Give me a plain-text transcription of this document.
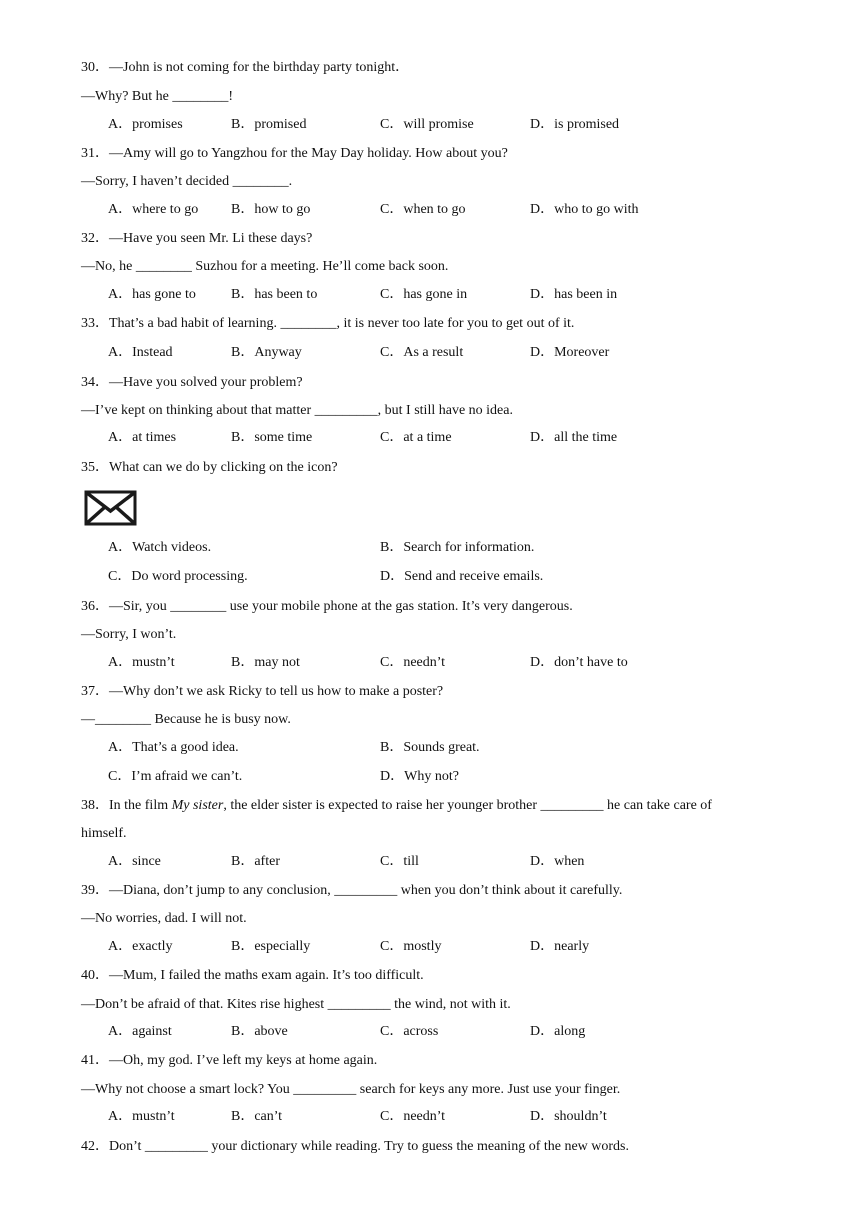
30．—John is not coming for the birthday party tonight．
—Why? But he ________!
A．promises	B．promised	C．will promise	D．is promised
31．—Amy will go to Yangzhou for the May Day holiday. How about you?
—Sorry, I haven’t decided ________.
A．where to go B．how to go	C．when to go	D．who to go with
32．—Have you seen Mr. Li these days?
—No, he ________ Suzhou for a meeting. He’ll come back soon.
A．has gone to	B．has been to	C．has gone in	D．has been in
33．That’s a bad habit of learning. ________, it is never too late for you to get out of it.
A．Instead	B．Anyway	C．As a result	D．Moreover
34．—Have you solved your problem?
—I’ve kept on thinking about that matter _________, but I still have no idea.
A．at times	B．some time	C．at a time	D．all the time
35．What can we do by clicking on the icon?
A．Watch videos.	B．Search for information.
C．Do word processing.	D．Send and receive emails.
36．—Sir, you ________ use your mobile phone at the gas station. It’s very dangerous.
—Sorry, I won’t.
A．mustn’t	B．may not	C．needn’t	D．don’t have to
37．—Why don’t we ask Ricky to tell us how to make a poster?
—________ Because he is busy now.
A．That’s a good idea.	B．Sounds great.
C．I’m afraid we can’t.	D．Why not?
38．In the film My sister, the elder sister is expected to raise her younger brother _________ he can take care of
himself.
A．since	B．after	C．till	D．when
39．—Diana, don’t jump to any conclusion, _________ when you don’t think about it carefully.
—No worries, dad. I will not.
A．exactly	B．especially	C．mostly	D．nearly
40．—Mum, I failed the maths exam again. It’s too difficult.
—Don’t be afraid of that. Kites rise highest _________ the wind, not with it.
A．against	B．above	C．across	D．along
41．—Oh, my god. I’ve left my keys at home again.
—Why not choose a smart lock? You _________ search for keys any more. Just use your finger.
A．mustn’t	B．can’t	C．needn’t	D．shouldn’t
42．Don’t _________ your dictionary while reading. Try to guess the meaning of the new words.
